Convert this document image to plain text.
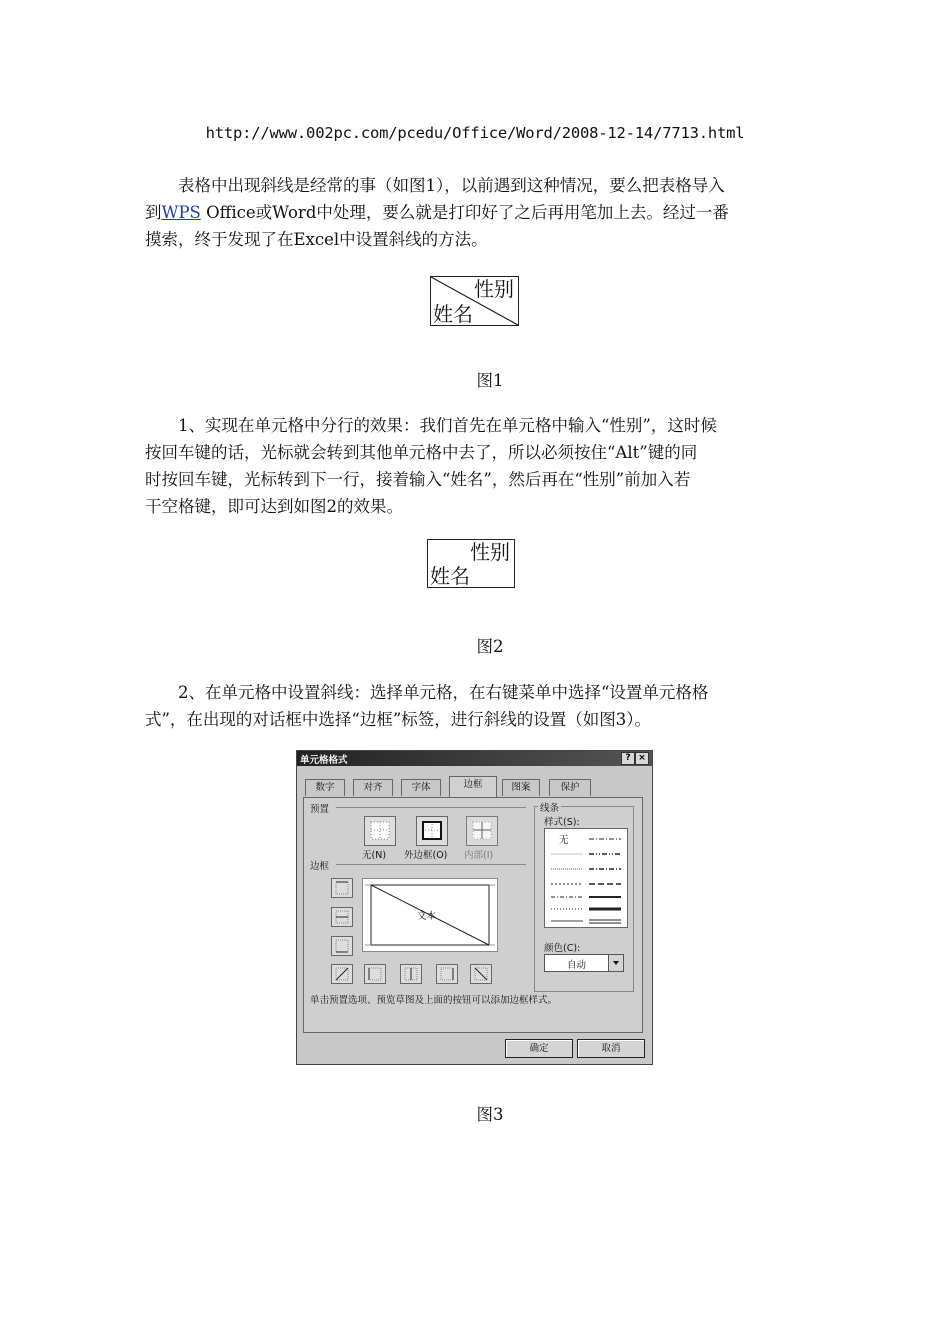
http://www.002pc.com/pcedu/Office/Word/2008-12-14/7713.html
表格中出现斜线是经常的事（如图1），以前遇到这种情况，要么把表格导入
到WPS Office或Word中处理，要么就是打印好了之后再用笔加上去。经过一番
摸索，终于发现了在Excel中设置斜线的方法。
性别
姓名
图1
1、实现在单元格中分行的效果：我们首先在单元格中输入“性别”，这时候
按回车键的话，光标就会转到其他单元格中去了，所以必须按住“Alt”键的同
时按回车键，光标转到下一行，接着输入“姓名”，然后再在“性别”前加入若
干空格键，即可达到如图2的效果。
性别
姓名
图2
2、在单元格中设置斜线：选择单元格，在右键菜单中选择“设置单元格格
式”，在出现的对话框中选择“边框”标签，进行斜线的设置（如图3）。
单元格格式	? ×
数字	对齐	字体	边框	图案	保护
预置
无(N) 外边框(O) 内部(I)
边框
文本
线条
样式(S):
无
颜色(C):
自动
单击预置选项、预览草图及上面的按钮可以添加边框样式。
确定	取消
图3
